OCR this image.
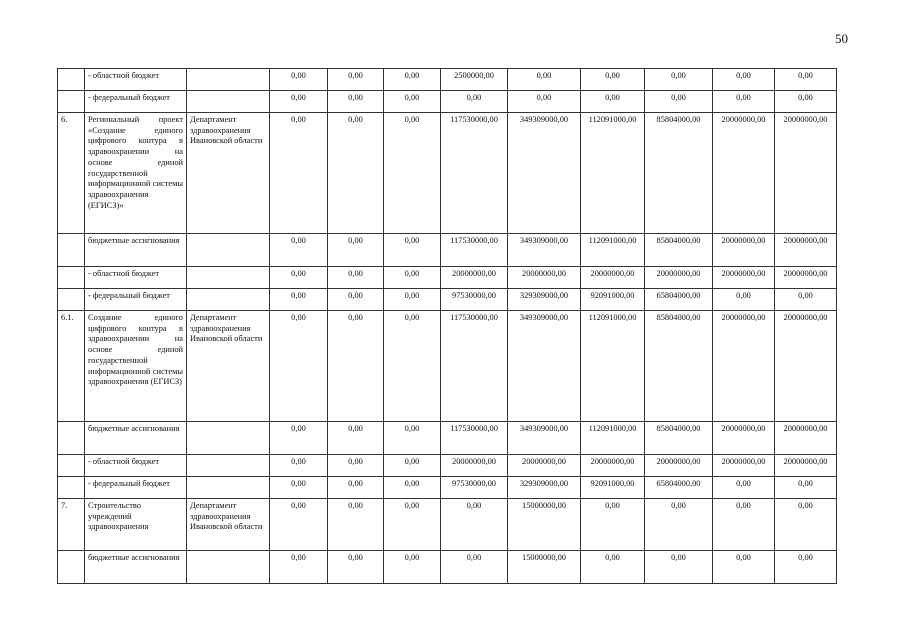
50
	- областной бюджет		0,00	0,00	0,00	2500000,00	0,00	0,00	0,00	0,00	0,00
	- федеральный бюджет		0,00	0,00	0,00	0,00	0,00	0,00	0,00	0,00	0,00
6.	Региональный проект «Создание единого цифрового контура в здравоохранении на основе единой государственной информационной системы здравоохранения (ЕГИСЗ)»	Департамент здравоохранения Ивановской области	0,00	0,00	0,00	117530000,00	349309000,00	112091000,00	85804000,00	20000000,00	20000000,00
	бюджетные ассигнования		0,00	0,00	0,00	117530000,00	349309000,00	112091000,00	85804000,00	20000000,00	20000000,00
	- областной бюджет		0,00	0,00	0,00	20000000,00	20000000,00	20000000,00	20000000,00	20000000,00	20000000,00
	- федеральный бюджет		0,00	0,00	0,00	97530000,00	329309000,00	92091000,00	65804000,00	0,00	0,00
6.1.	Создание единого цифрового контура в здравоохранении на основе единой государственной информационной системы здравоохранения (ЕГИСЗ)	Департамент здравоохранения Ивановской области	0,00	0,00	0,00	117530000,00	349309000,00	112091000,00	85804000,00	20000000,00	20000000,00
	бюджетные ассигнования		0,00	0,00	0,00	117530000,00	349309000,00	112091000,00	85804000,00	20000000,00	20000000,00
	- областной бюджет		0,00	0,00	0,00	20000000,00	20000000,00	20000000,00	20000000,00	20000000,00	20000000,00
	- федеральный бюджет		0,00	0,00	0,00	97530000,00	329309000,00	92091000,00	65804000,00	0,00	0,00
7.	Строительство учреждений здравоохранения	Департамент здравоохранения Ивановской области	0,00	0,00	0,00	0,00	15000000,00	0,00	0,00	0,00	0,00
	бюджетные ассигнования		0,00	0,00	0,00	0,00	15000000,00	0,00	0,00	0,00	0,00
